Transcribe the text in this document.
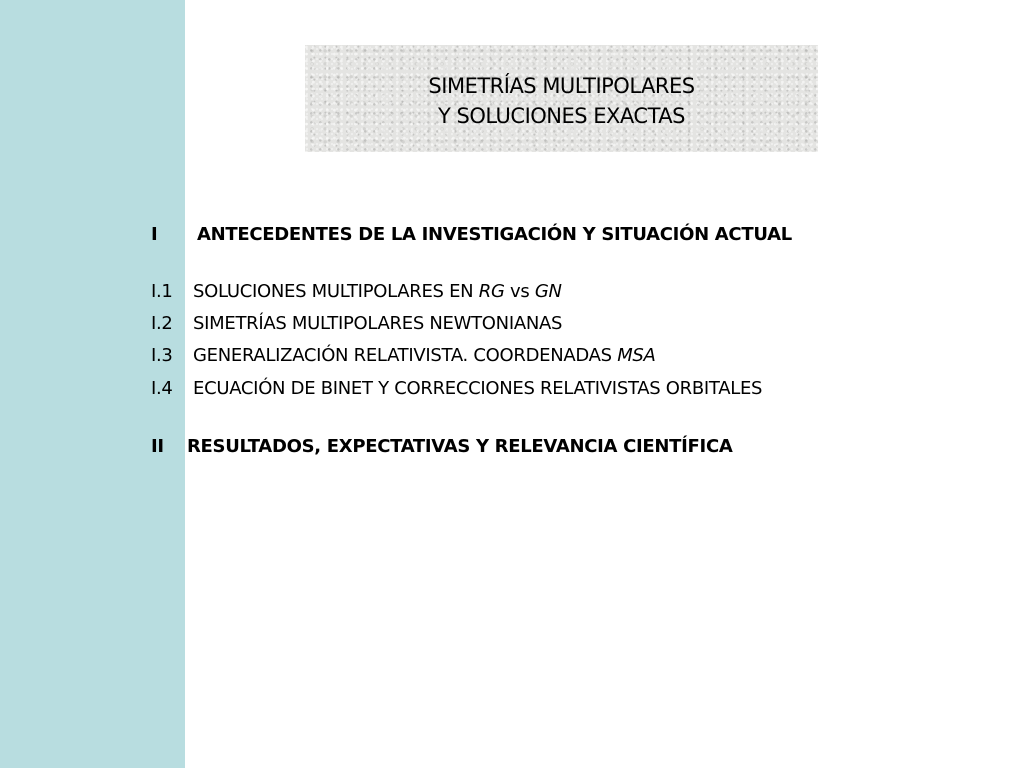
SIMETRÍAS MULTIPOLARES
Y SOLUCIONES EXACTAS
I ANTECEDENTES DE LA INVESTIGACIÓN Y SITUACIÓN ACTUAL
I.1 SOLUCIONES MULTIPOLARES EN RG vs GN
I.2 SIMETRÍAS MULTIPOLARES NEWTONIANAS
I.3 GENERALIZACIÓN RELATIVISTA. COORDENADAS MSA
I.4 ECUACIÓN DE BINET Y CORRECCIONES RELATIVISTAS ORBITALES
II RESULTADOS, EXPECTATIVAS Y RELEVANCIA CIENTÍFICA
